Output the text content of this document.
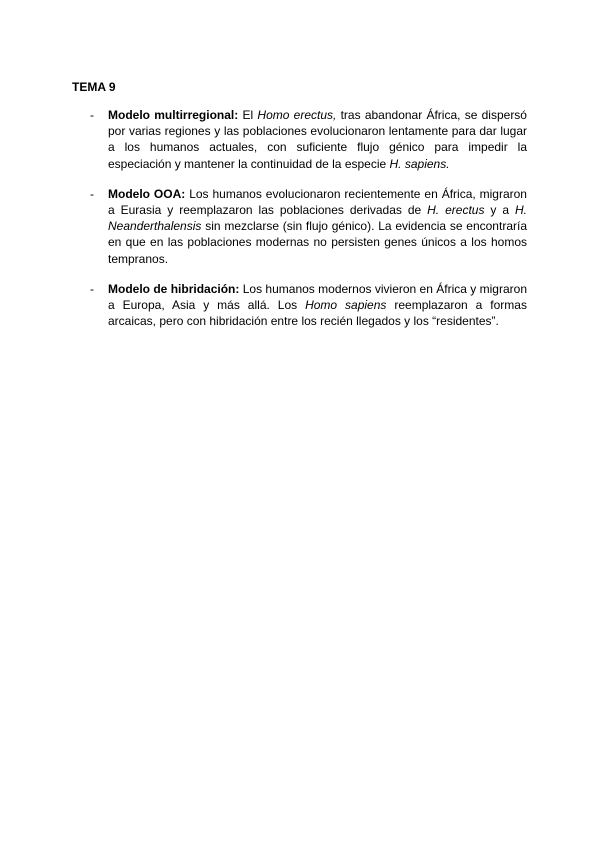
TEMA 9

- Modelo multirregional: El Homo erectus, tras abandonar África, se dispersó por varias regiones y las poblaciones evolucionaron lentamente para dar lugar a los humanos actuales, con suficiente flujo génico para impedir la especiación y mantener la continuidad de la especie H. sapiens.
- Modelo OOA: Los humanos evolucionaron recientemente en África, migraron a Eurasia y reemplazaron las poblaciones derivadas de H. erectus y a H. Neanderthalensis sin mezclarse (sin flujo génico). La evidencia se encontraría en que en las poblaciones modernas no persisten genes únicos a los homos tempranos.
- Modelo de hibridación: Los humanos modernos vivieron en África y migraron a Europa, Asia y más allá. Los Homo sapiens reemplazaron a formas arcaicas, pero con hibridación entre los recién llegados y los “residentes”.
